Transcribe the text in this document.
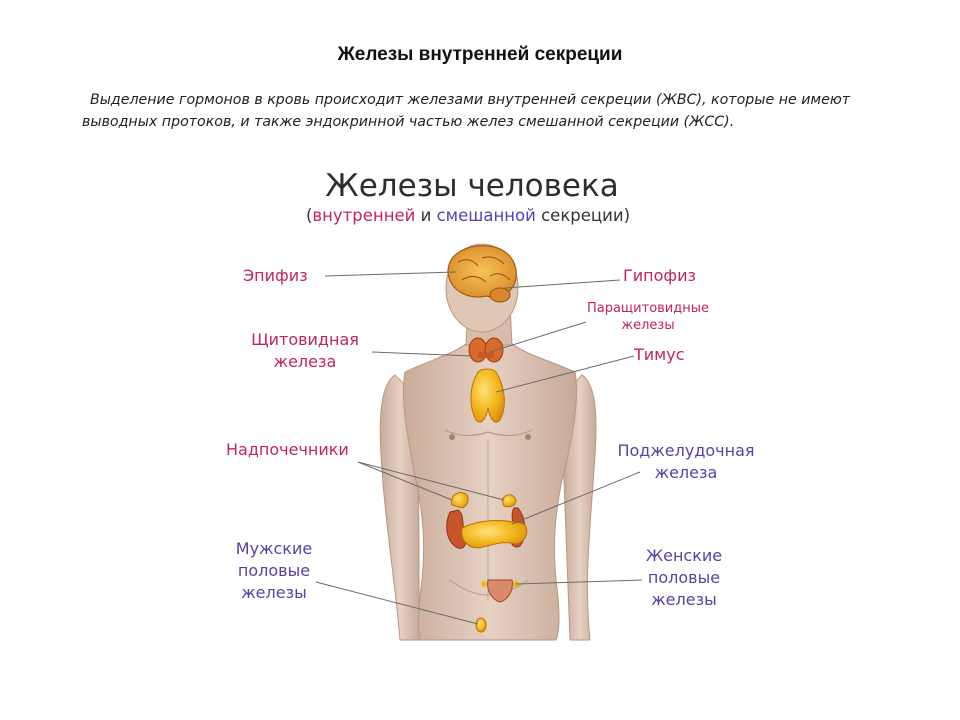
Железы внутренней секреции
Выделение гормонов в кровь происходит железами внутренней секреции (ЖВС), которые не имеют выводных протоков, и также эндокринной частью желез смешанной секреции (ЖСС).
Железы человека
(внутренней и смешанной секреции)
Эпифиз	Гипофиз
Паращитовидные
железы
Щитовидная
железа	Тимус
Надпочечники	Поджелудочная
железа
Мужские
половые
железы
Женские
половые
железы
